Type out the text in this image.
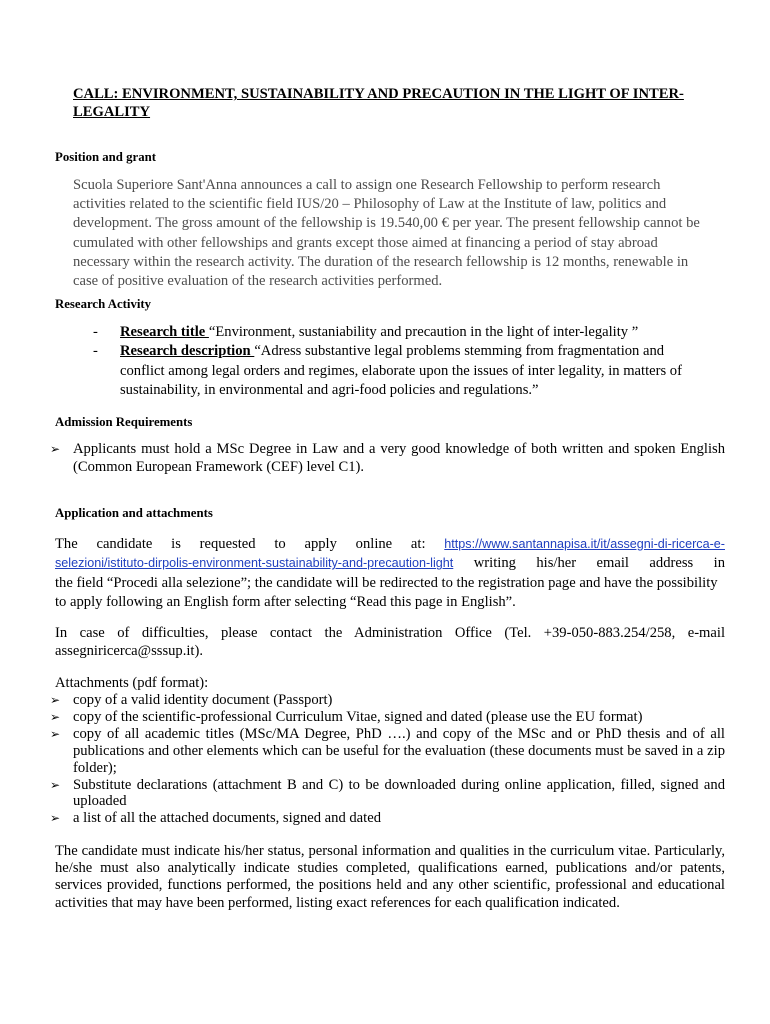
CALL: ENVIRONMENT, SUSTAINABILITY AND PRECAUTION IN THE LIGHT OF INTER-LEGALITY
Position and grant

Scuola Superiore Sant'Anna announces a call to assign one Research Fellowship to perform research activities related to the scientific field IUS/20 – Philosophy of Law at the Institute of law, politics and development. The gross amount of the fellowship is 19.540,00 € per year. The present fellowship cannot be cumulated with other fellowships and grants except those aimed at financing a period of stay abroad necessary within the research activity. The duration of the research fellowship is 12 months, renewable in case of positive evaluation of the research activities performed.

Research Activity
- Research title “Environment, sustaniability and precaution in the light of inter-legality ”
- Research description “Adress substantive legal problems stemming from fragmentation and conflict among legal orders and regimes, elaborate upon the issues of inter legality, in matters of sustainability, in environmental and agri-food policies and regulations.”
Admission Requirements
➢ Applicants must hold a MSc Degree in Law and a very good knowledge of both written and spoken English (Common European Framework (CEF) level C1).
Application and attachments
The candidate is requested to apply online at: https://www.santannapisa.it/it/assegni-di-ricerca-e-
selezioni/istituto-dirpolis-environment-sustainability-and-precaution-light writing his/her email address in
the field “Procedi alla selezione”; the candidate will be redirected to the registration page and have the possibility to apply following an English form after selecting “Read this page in English”.

In case of difficulties, please contact the Administration Office (Tel. +39-050-883.254/258, e-mail assegniricerca@sssup.it).

Attachments (pdf format):

➢ copy of a valid identity document (Passport)
➢ copy of the scientific-professional Curriculum Vitae, signed and dated (please use the EU format)
➢ copy of all academic titles (MSc/MA Degree, PhD ….) and copy of the MSc and or PhD thesis and of all publications and other elements which can be useful for the evaluation (these documents must be saved in a zip folder);
➢ Substitute declarations (attachment B and C) to be downloaded during online application, filled, signed and uploaded
➢ a list of all the attached documents, signed and dated

The candidate must indicate his/her status, personal information and qualities in the curriculum vitae. Particularly, he/she must also analytically indicate studies completed, qualifications earned, publications and/or patents, services provided, functions performed, the positions held and any other scientific, professional and educational activities that may have been performed, listing exact references for each qualification indicated.
